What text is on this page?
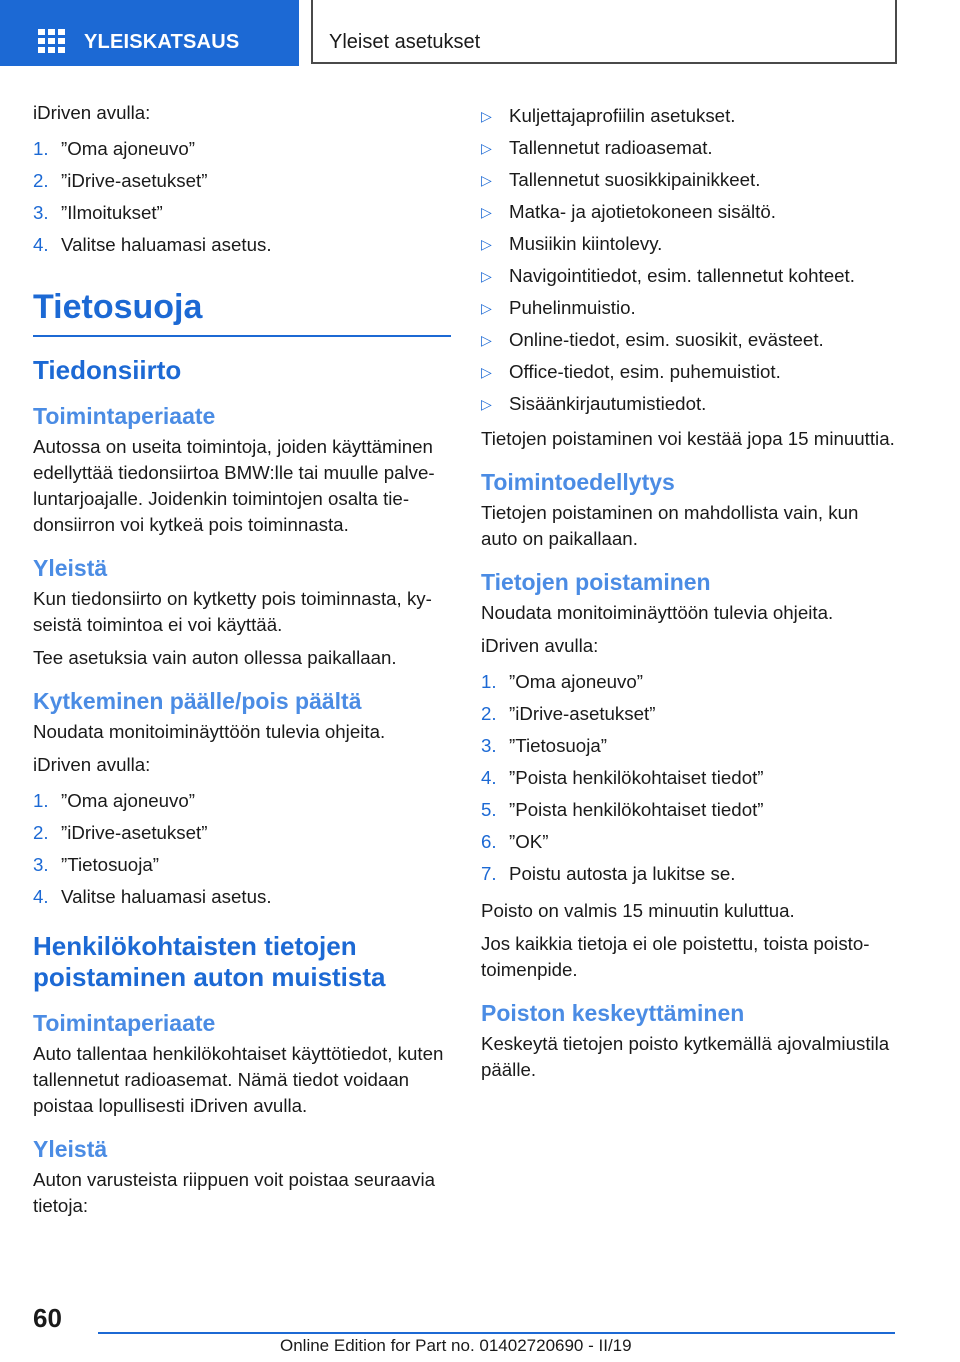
YLEISKATSAUS	Yleiset asetukset

iDriven avulla:

1. ”Oma ajoneuvo”
2. ”iDrive-asetukset”
3. ”Ilmoitukset”
4. Valitse haluamasi asetus.
Tietosuoja
Tiedonsiirto
Toimintaperiaate

Autossa on useita toimintoja, joiden käyttäminen edellyttää tiedonsiirtoa BMW:lle tai muulle palveluntarjoajalle. Joidenkin toimintojen osalta tiedonsiirron voi kytkeä pois toiminnasta.

Yleistä

Kun tiedonsiirto on kytketty pois toiminnasta, kyseistä toimintoa ei voi käyttää.

Tee asetuksia vain auton ollessa paikallaan.

Kytkeminen päälle/pois päältä

Noudata monitoiminäyttöön tulevia ohjeita.

iDriven avulla:

1. ”Oma ajoneuvo”
2. ”iDrive-asetukset”
3. ”Tietosuoja”
4. Valitse haluamasi asetus.
Henkilökohtaisten tietojen poistaminen auton muistista
Toimintaperiaate

Auto tallentaa henkilökohtaiset käyttötiedot, kuten tallennetut radioasemat. Nämä tiedot voidaan poistaa lopullisesti iDriven avulla.

Yleistä

Auton varusteista riippuen voit poistaa seuraavia tietoja:

▷ Kuljettajaprofiilin asetukset.
▷ Tallennetut radioasemat.
▷ Tallennetut suosikkipainikkeet.
▷ Matka- ja ajotietokoneen sisältö.
▷ Musiikin kiintolevy.
▷ Navigointitiedot, esim. tallennetut kohteet.
▷ Puhelinmuistio.
▷ Online-tiedot, esim. suosikit, evästeet.
▷ Office-tiedot, esim. puhemuistiot.
▷ Sisäänkirjautumistiedot.

Tietojen poistaminen voi kestää jopa 15 minuuttia.

Toimintoedellytys

Tietojen poistaminen on mahdollista vain, kun auto on paikallaan.

Tietojen poistaminen

Noudata monitoiminäyttöön tulevia ohjeita.

iDriven avulla:

1. ”Oma ajoneuvo”
2. ”iDrive-asetukset”
3. ”Tietosuoja”
4. ”Poista henkilökohtaiset tiedot”
5. ”Poista henkilökohtaiset tiedot”
6. ”OK”
7. Poistu autosta ja lukitse se.

Poisto on valmis 15 minuutin kuluttua.

Jos kaikkia tietoja ei ole poistettu, toista poistotoimenpide.

Poiston keskeyttäminen

Keskeytä tietojen poisto kytkemällä ajovalmiustila päälle.

60
Online Edition for Part no. 01402720690 - II/19
